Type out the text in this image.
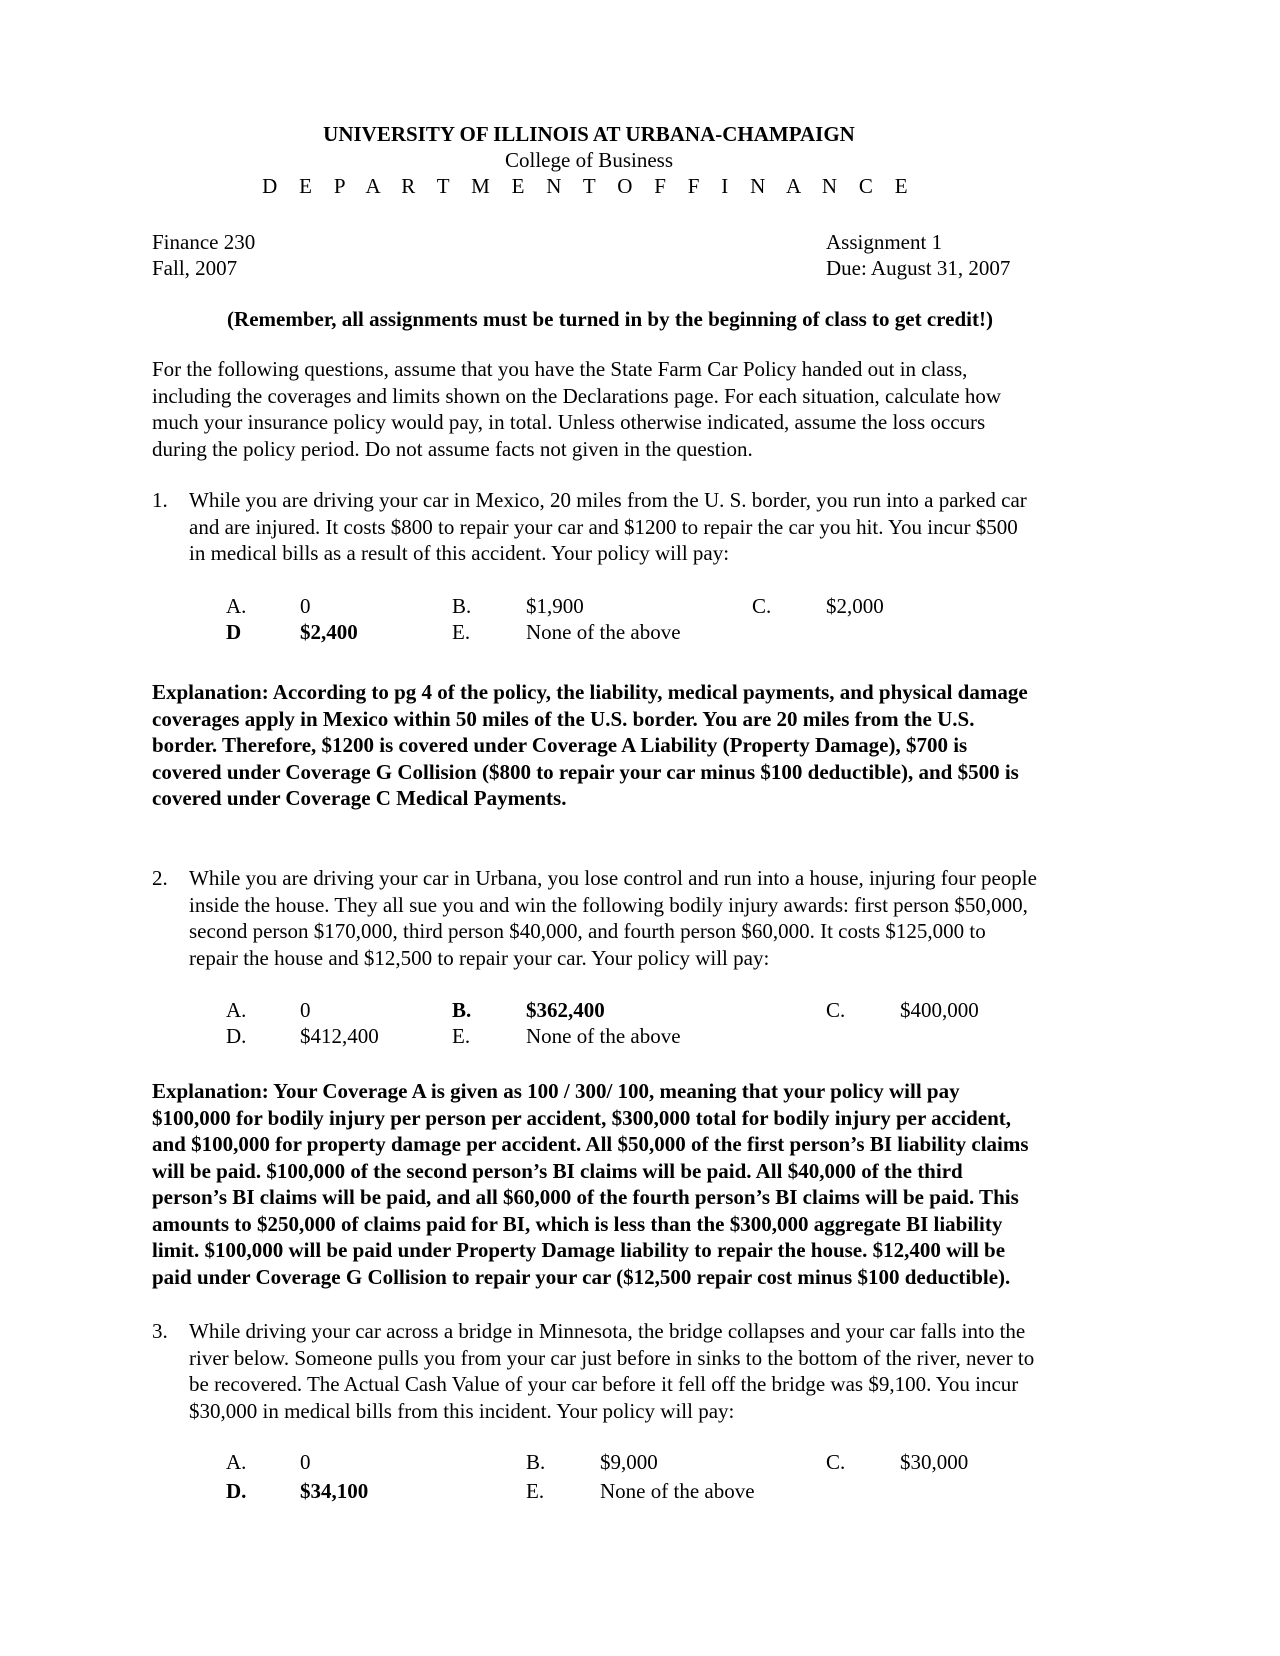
UNIVERSITY OF ILLINOIS AT URBANA-CHAMPAIGN
College of Business
D E P A R T M E N T O F F I N A N C E
Finance 230
Fall, 2007
Assignment 1
Due: August 31, 2007
(Remember, all assignments must be turned in by the beginning of class to get credit!)
For the following questions, assume that you have the State Farm Car Policy handed out in class,
including the coverages and limits shown on the Declarations page. For each situation, calculate how
much your insurance policy would pay, in total. Unless otherwise indicated, assume the loss occurs
during the policy period. Do not assume facts not given in the question.
1. While you are driving your car in Mexico, 20 miles from the U. S. border, you run into a parked car
and are injured. It costs $800 to repair your car and $1200 to repair the car you hit. You incur $500
in medical bills as a result of this accident. Your policy will pay:
A.	0	B.	$1,900	C.	$2,000
D	$2,400	E.	None of the above
Explanation: According to pg 4 of the policy, the liability, medical payments, and physical damage
coverages apply in Mexico within 50 miles of the U.S. border. You are 20 miles from the U.S.
border. Therefore, $1200 is covered under Coverage A Liability (Property Damage), $700 is
covered under Coverage G Collision ($800 to repair your car minus $100 deductible), and $500 is
covered under Coverage C Medical Payments.
2. While you are driving your car in Urbana, you lose control and run into a house, injuring four people
inside the house. They all sue you and win the following bodily injury awards: first person $50,000,
second person $170,000, third person $40,000, and fourth person $60,000. It costs $125,000 to
repair the house and $12,500 to repair your car. Your policy will pay:
A.	0	B.	$362,400	C.	$400,000
D.	$412,400	E.	None of the above
Explanation: Your Coverage A is given as 100 / 300/ 100, meaning that your policy will pay
$100,000 for bodily injury per person per accident, $300,000 total for bodily injury per accident,
and $100,000 for property damage per accident. All $50,000 of the first person’s BI liability claims
will be paid. $100,000 of the second person’s BI claims will be paid. All $40,000 of the third
person’s BI claims will be paid, and all $60,000 of the fourth person’s BI claims will be paid. This
amounts to $250,000 of claims paid for BI, which is less than the $300,000 aggregate BI liability
limit. $100,000 will be paid under Property Damage liability to repair the house. $12,400 will be
paid under Coverage G Collision to repair your car ($12,500 repair cost minus $100 deductible).
3. While driving your car across a bridge in Minnesota, the bridge collapses and your car falls into the
river below. Someone pulls you from your car just before in sinks to the bottom of the river, never to
be recovered. The Actual Cash Value of your car before it fell off the bridge was $9,100. You incur
$30,000 in medical bills from this incident. Your policy will pay:
A.	0	B.	$9,000	C.	$30,000
D.	$34,100	E.	None of the above
